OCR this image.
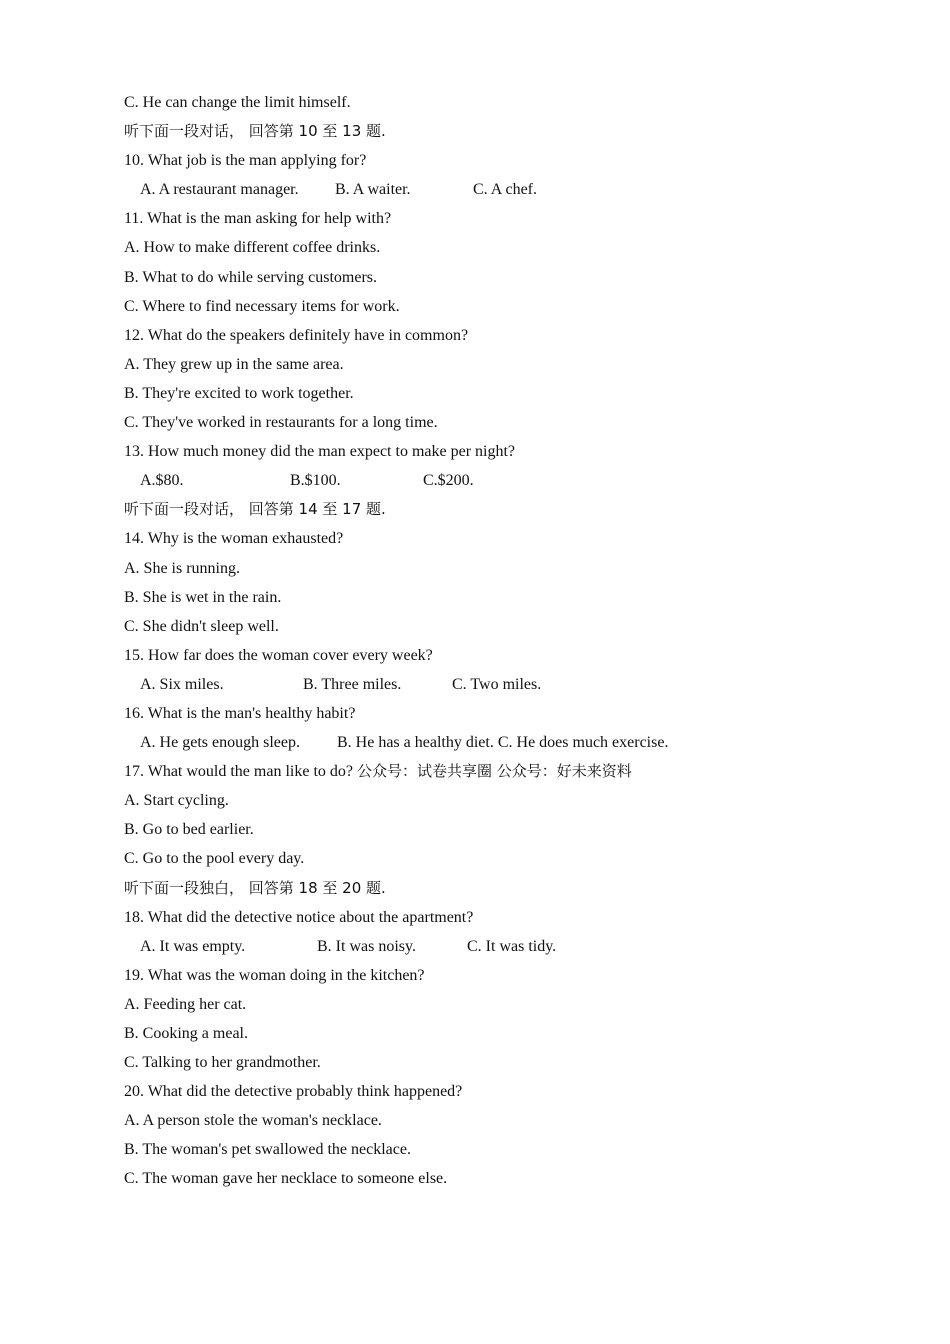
C. He can change the limit himself.
听下面一段对话， 回答第 10 至 13 题.
10. What job is the man applying for?
A. A restaurant manager. B. A waiter.	C. A chef.
11. What is the man asking for help with?
A. How to make different coffee drinks.
B. What to do while serving customers.
C. Where to find necessary items for work.
12. What do the speakers definitely have in common?
A. They grew up in the same area.
B. They're excited to work together.
C. They've worked in restaurants for a long time.
13. How much money did the man expect to make per night?
A.$80.	B.$100.	C.$200.
听下面一段对话， 回答第 14 至 17 题.
14. Why is the woman exhausted?
A. She is running.
B. She is wet in the rain.
C. She didn't sleep well.
15. How far does the woman cover every week?
A. Six miles.	B. Three miles.	C. Two miles.
16. What is the man's healthy habit?
A. He gets enough sleep. B. He has a healthy diet. C. He does much exercise.
17. What would the man like to do? 公众号：试卷共享圈 公众号：好未来资料
A. Start cycling.
B. Go to bed earlier.
C. Go to the pool every day.
听下面一段独白， 回答第 18 至 20 题.
18. What did the detective notice about the apartment?
A. It was empty.	B. It was noisy.	C. It was tidy.
19. What was the woman doing in the kitchen?
A. Feeding her cat.
B. Cooking a meal.
C. Talking to her grandmother.
20. What did the detective probably think happened?
A. A person stole the woman's necklace.
B. The woman's pet swallowed the necklace.
C. The woman gave her necklace to someone else.
